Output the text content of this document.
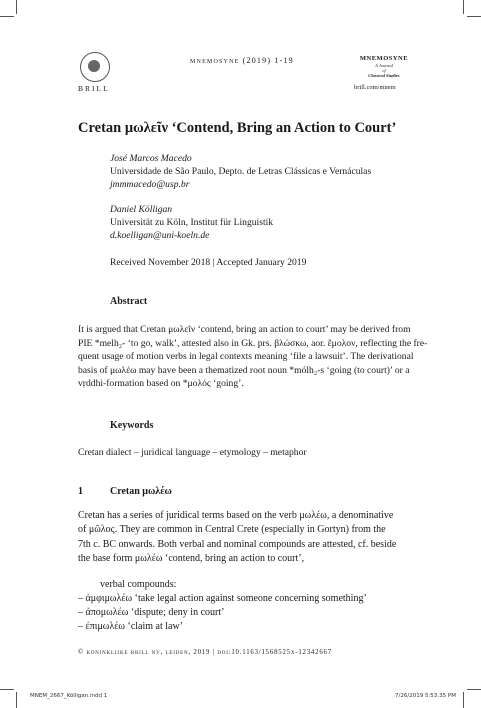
BRILL
mnemosyne (2019) 1-19	MNEMOSYNE
A Journal
of
Classical Studies
brill.com/mnem
Cretan μωλεῖν ‘Contend, Bring an Action to Court’
José Marcos Macedo
Universidade de São Paulo, Depto. de Letras Clássicas e Vernáculas
jmmmacedo@usp.br
Daniel Kölligan
Universität zu Köln, Institut für Linguistik
d.koelligan@uni-koeln.de
Received November 2018 | Accepted January 2019
Abstract
It is argued that Cretan μωλεῖν ‘contend, bring an action to court’ may be derived from
PIE *melh₂- ‘to go, walk’, attested also in Gk. prs. βλώσκω, aor. ἔμολον, reflecting the fre-
quent usage of motion verbs in legal contexts meaning ‘file a lawsuit’. The derivational
basis of μωλέω may have been a thematized root noun *mólh₂-s ‘going (to court)’ or a
vṛddhi-formation based on *μολός ‘going’.
Keywords
Cretan dialect – juridical language – etymology – metaphor
1	Cretan μωλέω
Cretan has a series of juridical terms based on the verb μωλέω, a denominative
of μῶλος. They are common in Central Crete (especially in Gortyn) from the
7th c. BC onwards. Both verbal and nominal compounds are attested, cf. beside
the base form μωλέω ‘contend, bring an action to court’,
verbal compounds:
– ἀμφιμωλέω ‘take legal action against someone concerning something’
– ἀπομωλέω ‘dispute; deny in court’
– ἐπιμωλέω ‘claim at law’
© koninklijke brill nv, leiden, 2019 | doi:10.1163/1568525x-12342667
MNEM_2667_Kölligan.indd 1	7/26/2019 5:53:35 PM
